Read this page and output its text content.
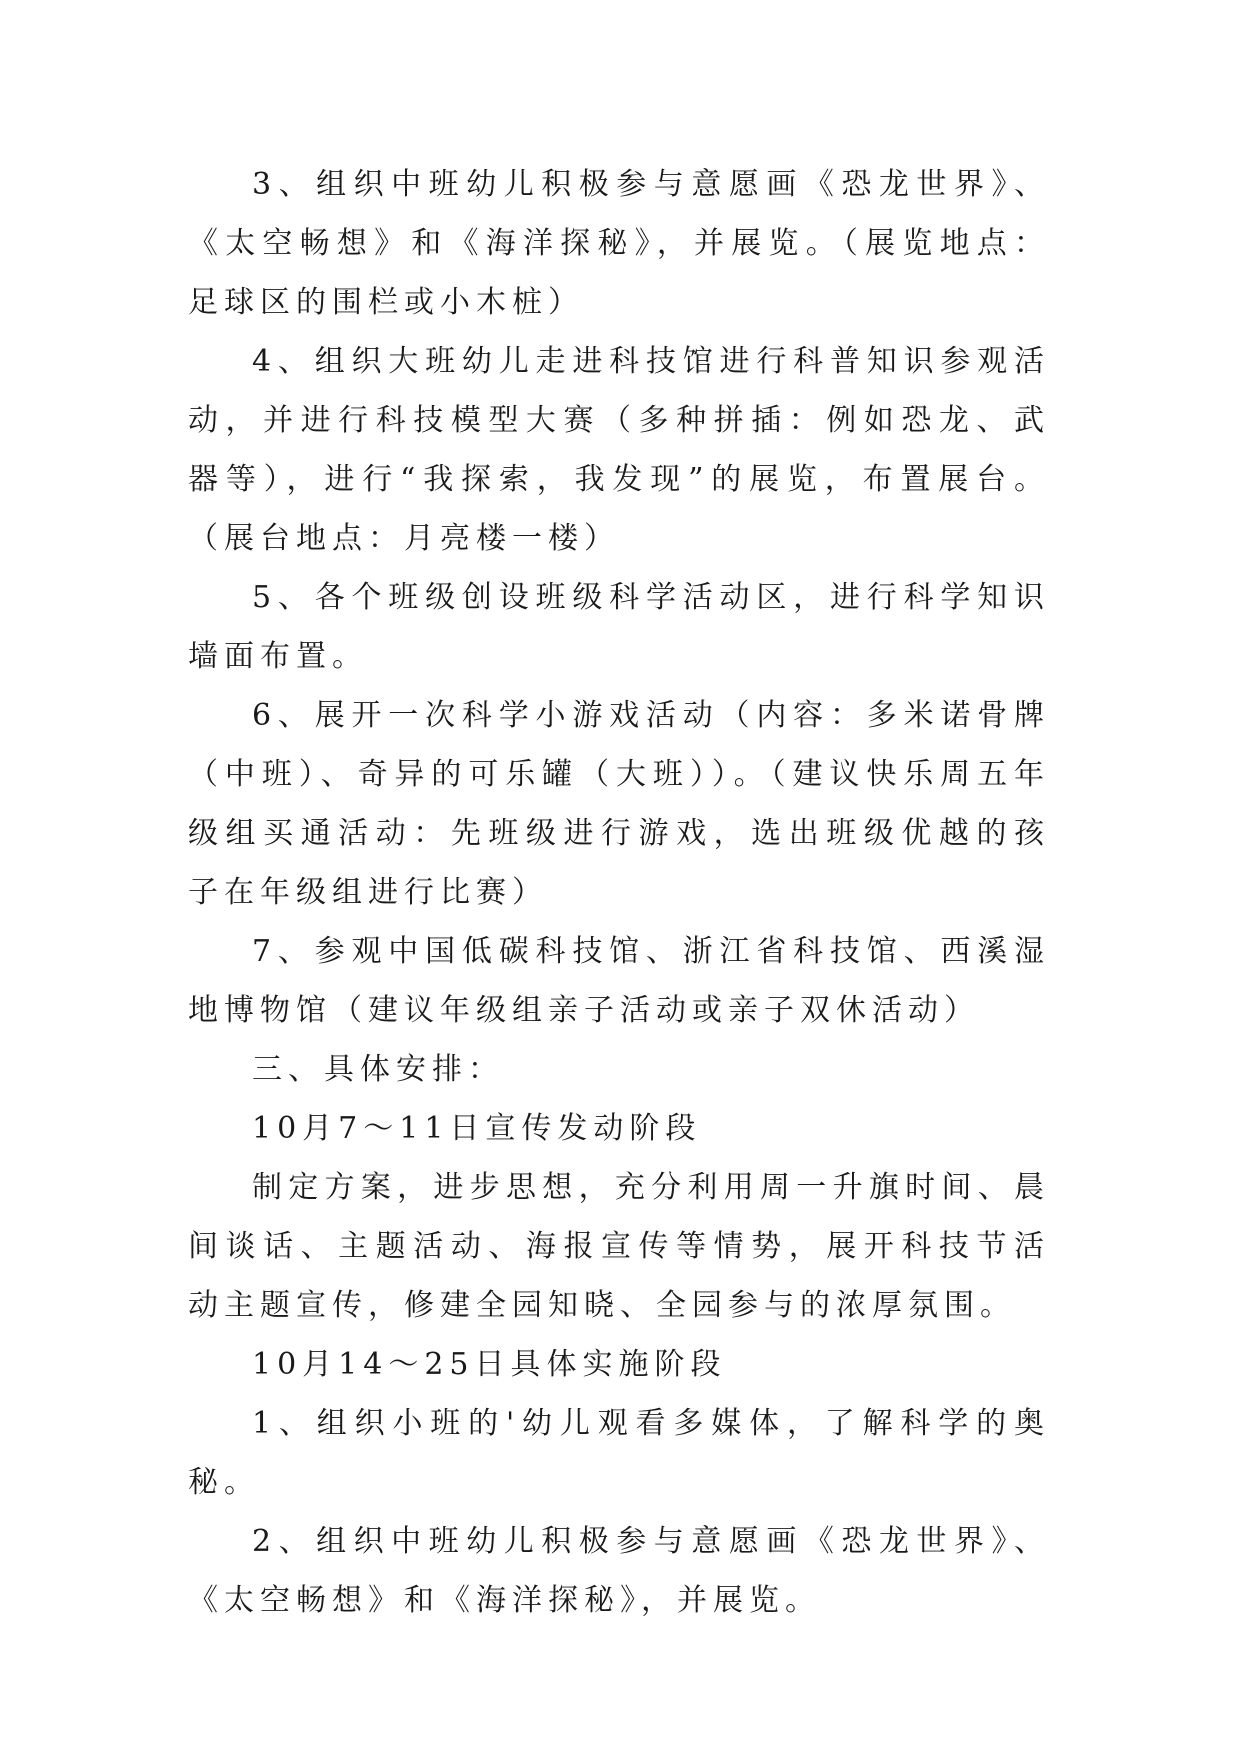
3、组织中班幼儿积极参与意愿画《恐龙世界》、《太空畅想》和《海洋探秘》，并展览。（展览地点：足球区的围栏或小木桩）

4、组织大班幼儿走进科技馆进行科普知识参观活动，并进行科技模型大赛（多种拼插：例如恐龙、武器等），进行“我探索，我发现”的展览，布置展台。（展台地点：月亮楼一楼）

5、各个班级创设班级科学活动区，进行科学知识墙面布置。

6、展开一次科学小游戏活动（内容：多米诺骨牌（中班）、奇异的可乐罐（大班））。（建议快乐周五年级组买通活动：先班级进行游戏，选出班级优越的孩子在年级组进行比赛）

7、参观中国低碳科技馆、浙江省科技馆、西溪湿地博物馆（建议年级组亲子活动或亲子双休活动）

三、具体安排：

10月7～11日宣传发动阶段

制定方案，进步思想，充分利用周一升旗时间、晨间谈话、主题活动、海报宣传等情势，展开科技节活动主题宣传，修建全园知晓、全园参与的浓厚氛围。

10月14～25日具体实施阶段

1、组织小班的'幼儿观看多媒体，了解科学的奥秘。

2、组织中班幼儿积极参与意愿画《恐龙世界》、《太空畅想》和《海洋探秘》，并展览。
